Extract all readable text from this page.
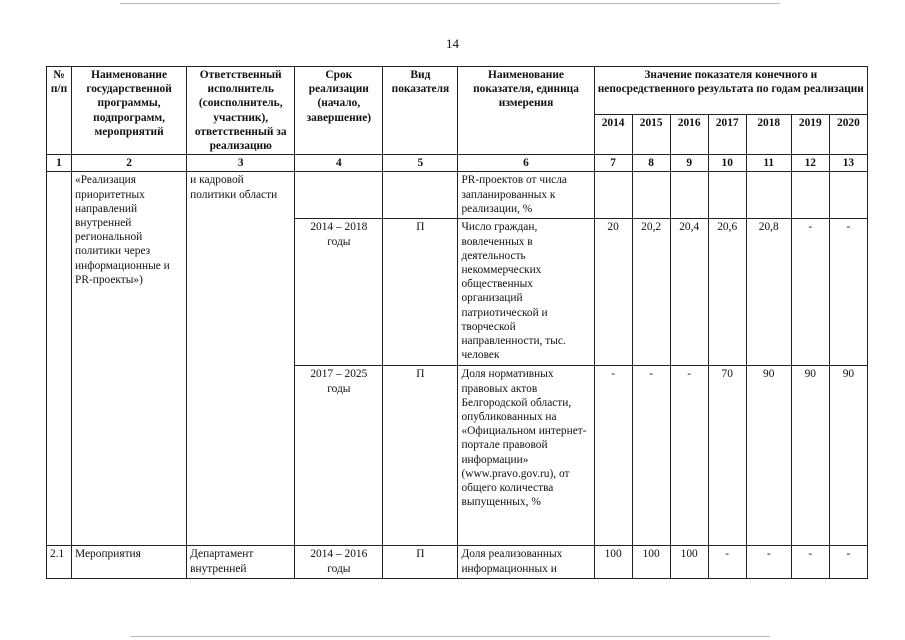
14
№ п/п	Наименование государственной программы, подпрограмм, мероприятий	Ответственный исполнитель (соисполнитель, участник), ответственный за реализацию	Срок реализации (начало, завершение)	Вид показателя	Наименование показателя, единица измерения	Значение показателя конечного и непосредственного результата по годам реализации						
						2014	2015	2016	2017	2018	2019	2020
1	2	3	4	5	6	7	8	9	10	11	12	13
	«Реализация приоритетных направлений внутренней региональной политики через информационные и PR-проекты»)	и кадровой политики области			PR-проектов от числа запланированных к реализации, %							
			2014 – 2018 годы	П	Число граждан, вовлеченных в деятельность некоммерческих общественных организаций патриотической и творческой направленности, тыс. человек	20	20,2	20,4	20,6	20,8	-	-
			2017 – 2025 годы	П	Доля нормативных правовых актов Белгородской области, опубликованных на «Официальном интернет-портале правовой информации» (www.pravo.gov.ru), от общего количества выпущенных, %	-	-	-	70	90	90	90
2.1	Мероприятия	Департамент внутренней	2014 – 2016 годы	П	Доля реализованных информационных и	100	100	100	-	-	-	-
